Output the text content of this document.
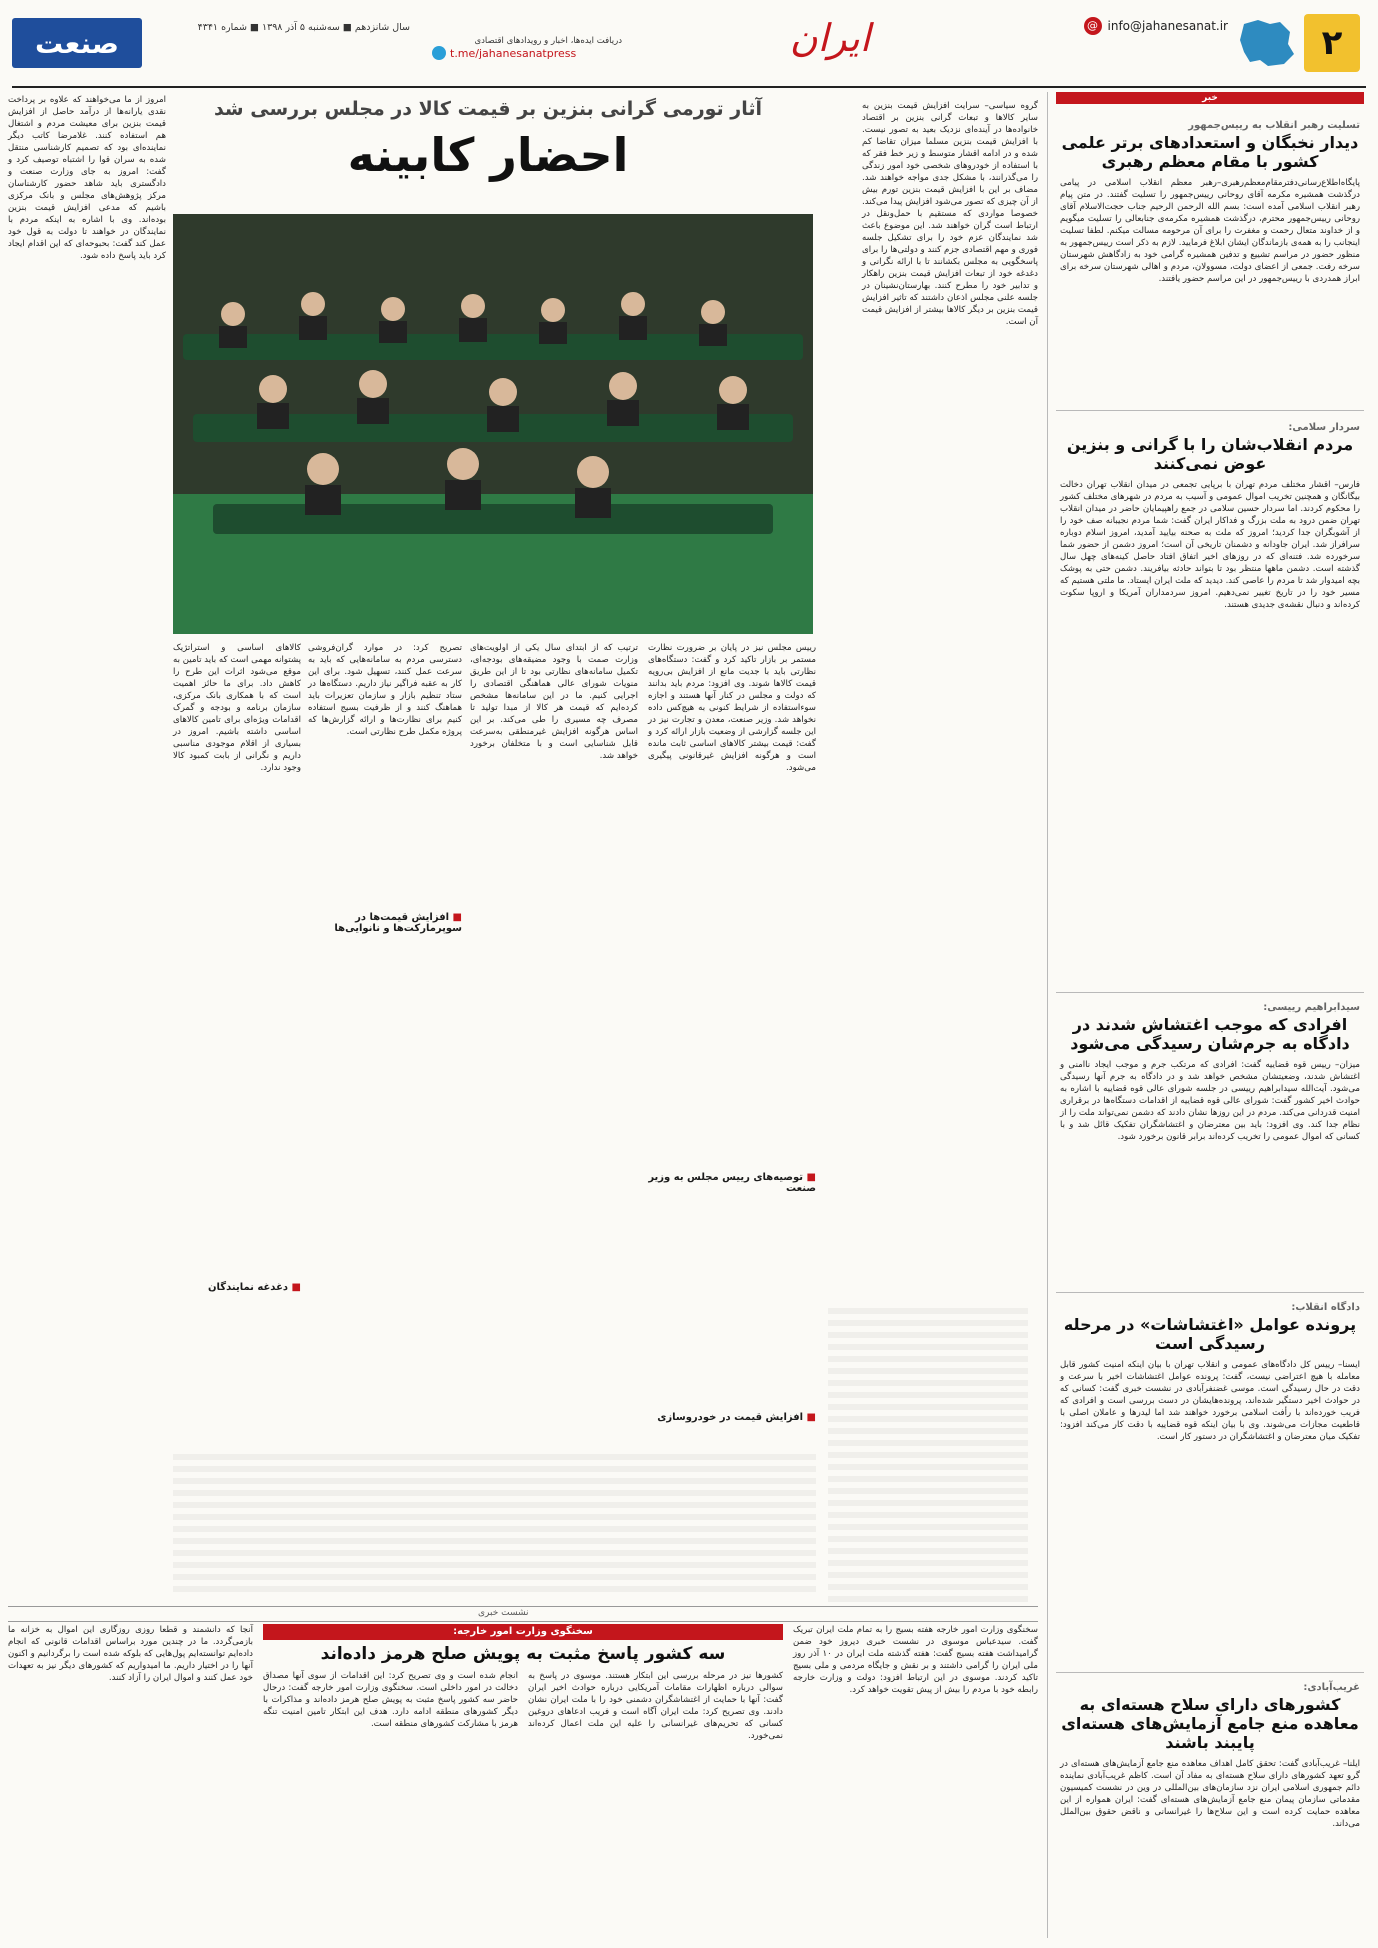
۲
@ info@jahanesanat.ir
ایران
دریافت ایده‌ها، اخبار و رویدادهای اقتصادی
t.me/jahanesanatpress
سال شانزدهم ■ سه‌شنبه ۵ آذر ۱۳۹۸ ■ شماره ۴۳۴۱
صنعت
خبر
تسلیت رهبر انقلاب به رییس‌جمهور
دیدار نخبگان و استعدادهای برتر علمی کشور با مقام معظم رهبری
پایگاه‌اطلاع‌رسانی‌دفترمقام‌معظم‌رهبری–رهبر معظم انقلاب اسلامی در پیامی درگذشت همشیره مکرمه آقای روحانی رییس‌جمهور را تسلیت گفتند. در متن پیام رهبر انقلاب اسلامی آمده است: بسم الله الرحمن الرحیم جناب حجت‌الاسلام آقای روحانی رییس‌جمهور محترم، درگذشت همشیره مکرمه‌ی جنابعالی را تسلیت میگویم و از خداوند متعال رحمت و مغفرت را برای آن مرحومه مسالت میکنم. لطفا تسلیت اینجانب را به همه‌ی بازماندگان ایشان ابلاغ فرمایید. لازم به ذکر است رییس‌جمهور به منظور حضور در مراسم تشییع و تدفین همشیره گرامی خود به زادگاهش شهرستان سرخه رفت. جمعی از اعضای دولت، مسوولان، مردم و اهالی شهرستان سرخه برای ابراز همدردی با رییس‌جمهور در این مراسم حضور یافتند.
سردار سلامی:
مردم انقلاب‌شان را با گرانی و بنزین عوض نمی‌کنند
فارس– اقشار مختلف مردم تهران با برپایی تجمعی در میدان انقلاب تهران دخالت بیگانگان و همچنین تخریب اموال عمومی و آسیب به مردم در شهرهای مختلف کشور را محکوم کردند. اما سردار حسین سلامی در جمع راهپیمایان حاضر در میدان انقلاب تهران ضمن درود به ملت بزرگ و فداکار ایران گفت: شما مردم نجیبانه صف خود را از آشوبگران جدا کردید؛ امروز که ملت به صحنه بیایید آمدید، امروز اسلام دوباره سرافراز شد. ایران جاودانه و دشمنان تاریخی آن است؛ امروز دشمن از حضور شما سرخورده شد. فتنه‌ای که در روزهای اخیر اتفاق افتاد حاصل کینه‌های چهل سال گذشته است. دشمن ماهها منتظر بود تا بتواند حادثه بیافریند. دشمن حتی به پوشک بچه امیدوار شد تا مردم را عاصی کند. دیدید که ملت ایران ایستاد. ما ملتی هستیم که مسیر خود را در تاریخ تغییر نمی‌دهیم. امروز سردمداران آمریکا و اروپا سکوت کرده‌اند و دنبال نقشه‌ی جدیدی هستند.
سیدابراهیم رییسی:
افرادی که موجب اغتشاش شدند در دادگاه به جرم‌شان رسیدگی می‌شود
میزان– رییس قوه قضاییه گفت: افرادی که مرتکب جرم و موجب ایجاد ناامنی و اغتشاش شدند، وضعیتشان مشخص خواهد شد و در دادگاه به جرم آنها رسیدگی می‌شود. آیت‌الله سیدابراهیم رییسی در جلسه شورای عالی قوه قضاییه با اشاره به حوادث اخیر کشور گفت: شورای عالی قوه قضاییه از اقدامات دستگاه‌ها در برقراری امنیت قدردانی می‌کند. مردم در این روزها نشان دادند که دشمن نمی‌تواند ملت را از نظام جدا کند. وی افزود: باید بین معترضان و اغتشاشگران تفکیک قائل شد و با کسانی که اموال عمومی را تخریب کرده‌اند برابر قانون برخورد شود.
دادگاه انقلاب:
پرونده عوامل «اغتشاشات» در مرحله رسیدگی است
ایسنا– رییس کل دادگاه‌های عمومی و انقلاب تهران با بیان اینکه امنیت کشور قابل معامله با هیچ اعتراضی نیست، گفت: پرونده عوامل اغتشاشات اخیر با سرعت و دقت در حال رسیدگی است. موسی غضنفرآبادی در نشست خبری گفت: کسانی که در حوادث اخیر دستگیر شده‌اند، پرونده‌هایشان در دست بررسی است و افرادی که فریب خورده‌اند با رأفت اسلامی برخورد خواهند شد اما لیدرها و عاملان اصلی با قاطعیت مجازات می‌شوند. وی با بیان اینکه قوه قضاییه با دقت کار می‌کند افزود: تفکیک میان معترضان و اغتشاشگران در دستور کار است.
غریب‌آبادی:
کشورهای دارای سلاح هسته‌ای به معاهده منع جامع آزمایش‌های هسته‌ای پایبند باشند
ایلنا– غریب‌آبادی گفت: تحقق کامل اهداف معاهده منع جامع آزمایش‌های هسته‌ای در گرو تعهد کشورهای دارای سلاح هسته‌ای به مفاد آن است. کاظم غریب‌آبادی نماینده دائم جمهوری اسلامی ایران نزد سازمان‌های بین‌المللی در وین در نشست کمیسیون مقدماتی سازمان پیمان منع جامع آزمایش‌های هسته‌ای گفت: ایران همواره از این معاهده حمایت کرده است و این سلاح‌ها را غیرانسانی و ناقض حقوق بین‌الملل می‌داند.
آثار تورمی گرانی بنزین بر قیمت کالا در مجلس بررسی شد
احضار کابینه
گروه سیاسی– سرایت افزایش قیمت بنزین به سایر کالاها و تبعات گرانی بنزین بر اقتصاد خانواده‌ها در آینده‌ای نزدیک بعید به تصور نیست. با افزایش قیمت بنزین مسلما میزان تقاضا کم شده و در ادامه اقشار متوسط و زیر خط فقر که با استفاده از خودروهای شخصی خود امور زندگی را می‌گذرانند، با مشکل جدی مواجه خواهند شد. مضاف بر این با افزایش قیمت بنزین تورم بیش از آن چیزی که تصور می‌شود افزایش پیدا می‌کند. خصوصا مواردی که مستقیم با حمل‌ونقل در ارتباط است گران خواهند شد. این موضوع باعث شد نمایندگان عزم خود را برای تشکیل جلسه فوری و مهم اقتصادی جزم کنند و دولتی‌ها را برای پاسخگویی به مجلس بکشانند تا با ارائه نگرانی و دغدغه خود از تبعات افزایش قیمت بنزین راهکار و تدابیر خود را مطرح کنند. بهارستان‌نشینان در جلسه علنی مجلس اذعان داشتند که تاثیر افزایش قیمت بنزین بر دیگر کالاها بیشتر از افزایش قیمت آن است.
رییس مجلس نیز در پایان بر ضرورت نظارت مستمر بر بازار تاکید کرد و گفت: دستگاه‌های نظارتی باید با جدیت مانع از افزایش بی‌رویه قیمت کالاها شوند. وی افزود: مردم باید بدانند که دولت و مجلس در کنار آنها هستند و اجازه سوءاستفاده از شرایط کنونی به هیچ‌کس داده نخواهد شد. وزیر صنعت، معدن و تجارت نیز در این جلسه گزارشی از وضعیت بازار ارائه کرد و گفت: قیمت بیشتر کالاهای اساسی ثابت مانده است و هرگونه افزایش غیرقانونی پیگیری می‌شود.
ترتیب که از ابتدای سال یکی از اولویت‌های وزارت صمت با وجود مضیقه‌های بودجه‌ای، تکمیل سامانه‌های نظارتی بود تا از این طریق منویات شورای عالی هماهنگی اقتصادی را اجرایی کنیم. ما در این سامانه‌ها مشخص کرده‌ایم که قیمت هر کالا از مبدا تولید تا مصرف چه مسیری را طی می‌کند. بر این اساس هرگونه افزایش غیرمنطقی به‌سرعت قابل شناسایی است و با متخلفان برخورد خواهد شد.
تصریح کرد: در موارد گران‌فروشی دسترسی مردم به سامانه‌هایی که باید به سرعت عمل کنند، تسهیل شود. برای این کار به عقبه فراگیر نیاز داریم. دستگاه‌ها در ستاد تنظیم بازار و سازمان تعزیرات باید هماهنگ کنند و از ظرفیت بسیج استفاده کنیم برای نظارت‌ها و ارائه گزارش‌ها که پروژه مکمل طرح نظارتی است.
کالاهای اساسی و استراتژیک پشتوانه مهمی است که باید تامین به موقع می‌شود اثرات این طرح را کاهش داد. برای ما حائز اهمیت است که با همکاری بانک مرکزی، سازمان برنامه و بودجه و گمرک اقدامات ویژه‌ای برای تامین کالاهای اساسی داشته باشیم. امروز در بسیاری از اقلام موجودی مناسبی داریم و نگرانی از بابت کمبود کالا وجود ندارد.
امروز از ما می‌خواهند که علاوه بر پرداخت نقدی یارانه‌ها از درآمد حاصل از افزایش قیمت بنزین برای معیشت مردم و اشتغال هم استفاده کنند. غلامرضا کاتب دیگر نماینده‌ای بود که تصمیم کارشناسی منتقل شده به سران قوا را اشتباه توصیف کرد و گفت: امروز به جای وزارت صنعت و دادگستری باید شاهد حضور کارشناسان مرکز پژوهش‌های مجلس و بانک مرکزی باشیم که مدعی افزایش قیمت بنزین بوده‌اند. وی با اشاره به اینکه مردم با نمایندگان در خواهند تا دولت به قول خود عمل کند گفت: بحبوحه‌ای که این اقدام ایجاد کرد باید پاسخ داده شود.
■ توصیه‌های رییس مجلس به وزیر صنعت
■ افزایش قیمت در خودروسازی
■ افزایش قیمت‌ها در سوپرمارکت‌ها و نانوایی‌ها
■ دغدغه نمایندگان
نشست خبری
سخنگوی وزارت امور خارجه:
سه کشور پاسخ مثبت به پویش صلح هرمز داده‌اند
سخنگوی وزارت امور خارجه هفته بسیج را به تمام ملت ایران تبریک گفت. سیدعباس موسوی در نشست خبری دیروز خود ضمن گرامیداشت هفته بسیج گفت: هفته گذشته ملت ایران در ۱۰ آذر روز ملی ایران را گرامی داشتند و بر نقش و جایگاه مردمی و ملی بسیج تاکید کردند. موسوی در این ارتباط افزود: دولت و وزارت خارجه رابطه خود با مردم را بیش از پیش تقویت خواهد کرد.
کشورها نیز در مرحله بررسی این ابتکار هستند. موسوی در پاسخ به سوالی درباره اظهارات مقامات آمریکایی درباره حوادث اخیر ایران گفت: آنها با حمایت از اغتشاشگران دشمنی خود را با ملت ایران نشان دادند. وی تصریح کرد: ملت ایران آگاه است و فریب ادعاهای دروغین کسانی که تحریم‌های غیرانسانی را علیه این ملت اعمال کرده‌اند نمی‌خورد.
انجام شده است و وی تصریح کرد: این اقدامات از سوی آنها مصداق دخالت در امور داخلی است. سخنگوی وزارت امور خارجه گفت: درحال حاضر سه کشور پاسخ مثبت به پویش صلح هرمز داده‌اند و مذاکرات با دیگر کشورهای منطقه ادامه دارد. هدف این ابتکار تامین امنیت تنگه هرمز با مشارکت کشورهای منطقه است.
آنجا که دانشمند و قطعا روزی روزگاری این اموال به خزانه ما بازمی‌گردد. ما در چندین مورد براساس اقدامات قانونی که انجام داده‌ایم توانسته‌ایم پول‌هایی که بلوکه شده است را برگردانیم و اکنون آنها را در اختیار داریم. ما امیدواریم که کشورهای دیگر نیز به تعهدات خود عمل کنند و اموال ایران را آزاد کنند.
